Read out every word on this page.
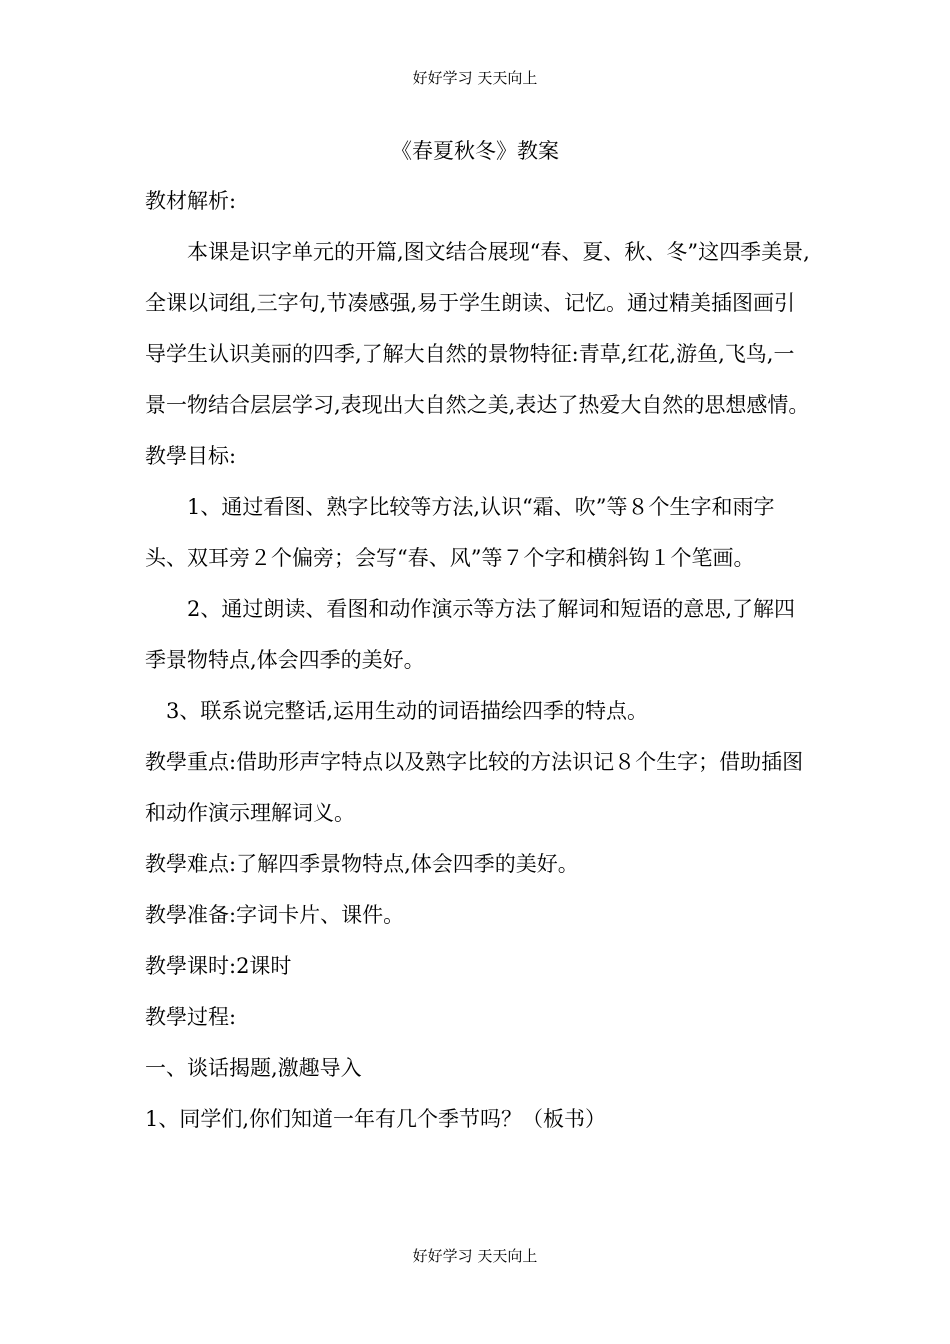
好好学习 天天向上
《春夏秋冬》教案

教材解析:

本课是识字单元的开篇,图文结合展现“春、夏、秋、冬”这四季美景,全课以词组,三字句,节凑感强,易于学生朗读、记忆。通过精美插图画引导学生认识美丽的四季,了解大自然的景物特征:青草,红花,游鱼,飞鸟,一景一物结合层层学习,表现出大自然之美,表达了热爱大自然的思想感情。

教學目标:

1、通过看图、熟字比较等方法,认识“霜、吹”等８个生字和雨字头、双耳旁２个偏旁；会写“春、风”等７个字和横斜钩１个笔画。

2、通过朗读、看图和动作演示等方法了解词和短语的意思,了解四季景物特点,体会四季的美好。

3、联系说完整话,运用生动的词语描绘四季的特点。

教學重点:借助形声字特点以及熟字比较的方法识记８个生字；借助插图和动作演示理解词义。

教學难点:了解四季景物特点,体会四季的美好。

教學准备:字词卡片、课件。

教學课时:2课时

教學过程:

一、谈话揭题,激趣导入

1、同学们,你们知道一年有几个季节吗？（板书）

好好学习 天天向上
